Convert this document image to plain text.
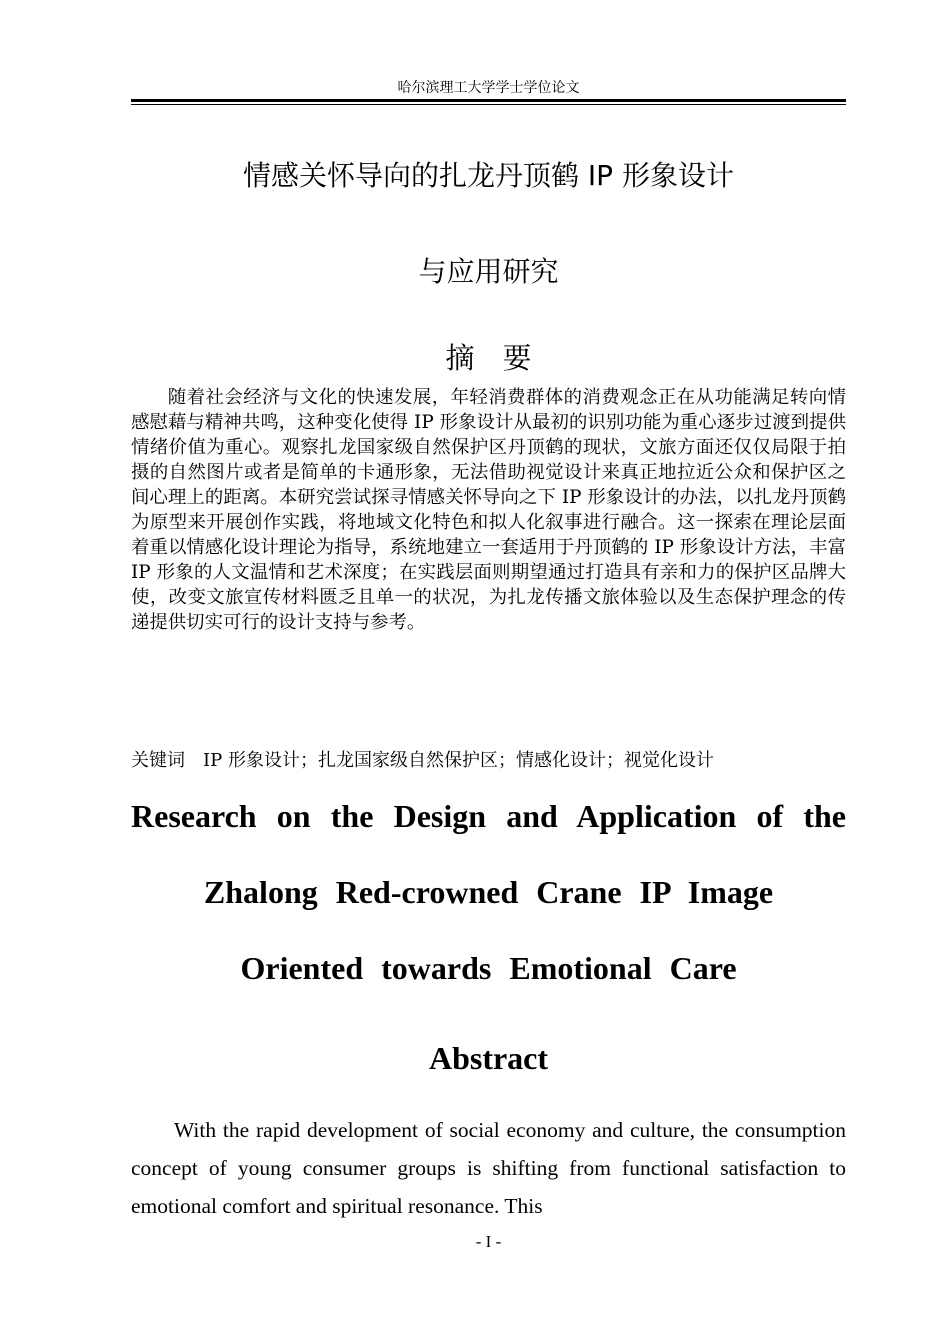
哈尔滨理工大学学士学位论文
情感关怀导向的扎龙丹顶鹤 IP 形象设计
与应用研究
摘 要
随着社会经济与文化的快速发展，年轻消费群体的消费观念正在从功能满足转向情感慰藉与精神共鸣，这种变化使得 IP 形象设计从最初的识别功能为重心逐步过渡到提供情绪价值为重心。观察扎龙国家级自然保护区丹顶鹤的现状，文旅方面还仅仅局限于拍摄的自然图片或者是简单的卡通形象，无法借助视觉设计来真正地拉近公众和保护区之间心理上的距离。本研究尝试探寻情感关怀导向之下 IP 形象设计的办法，以扎龙丹顶鹤为原型来开展创作实践，将地域文化特色和拟人化叙事进行融合。这一探索在理论层面着重以情感化设计理论为指导，系统地建立一套适用于丹顶鹤的 IP 形象设计方法，丰富 IP 形象的人文温情和艺术深度；在实践层面则期望通过打造具有亲和力的保护区品牌大使，改变文旅宣传材料匮乏且单一的状况，为扎龙传播文旅体验以及生态保护理念的传递提供切实可行的设计支持与参考。
关键词 IP 形象设计；扎龙国家级自然保护区；情感化设计；视觉化设计
Research on the Design and Application of the
Zhalong Red-crowned Crane IP Image
Oriented towards Emotional Care
Abstract
With the rapid development of social economy and culture, the consumption concept of young consumer groups is shifting from functional satisfaction to emotional comfort and spiritual resonance. This
- I -
